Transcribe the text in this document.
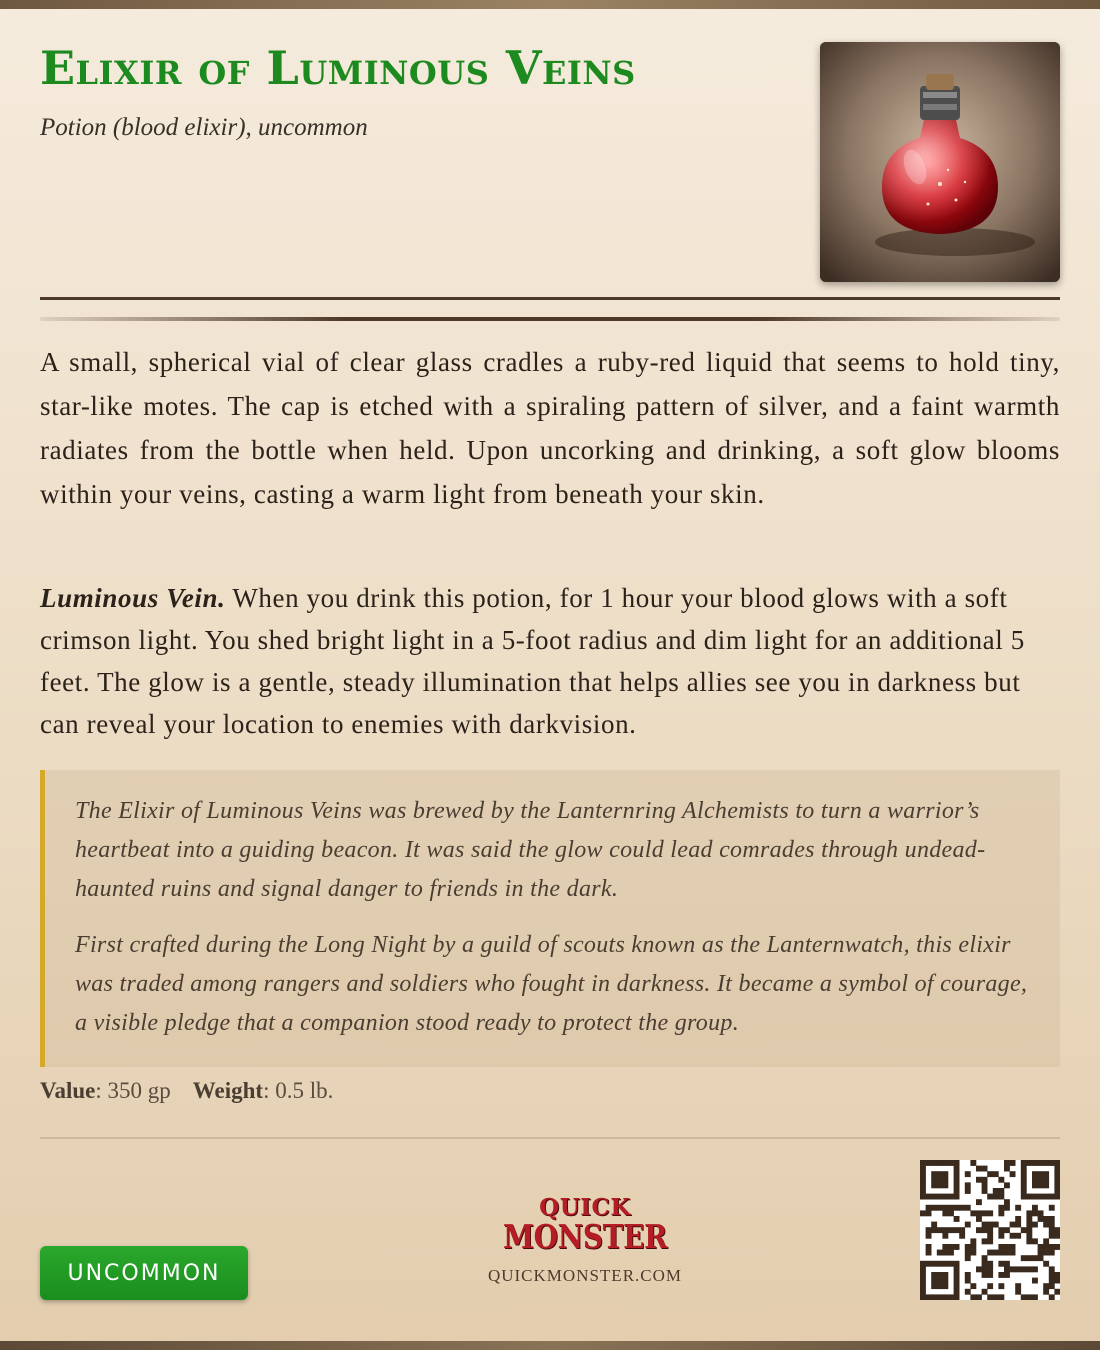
Elixir of Luminous Veins
Potion (blood elixir), uncommon

A small, spherical vial of clear glass cradles a ruby-red liquid that seems to hold tiny, star-like motes. The cap is etched with a spiraling pattern of silver, and a faint warmth radiates from the bottle when held. Upon uncorking and drinking, a soft glow blooms within your veins, casting a warm light from beneath your skin.

Luminous Vein. When you drink this potion, for 1 hour your blood glows with a soft crimson light. You shed bright light in a 5-foot radius and dim light for an additional 5 feet. The glow is a gentle, steady illumination that helps allies see you in darkness but can reveal your location to enemies with darkvision.

The Elixir of Luminous Veins was brewed by the Lanternring Alchemists to turn a warrior’s heartbeat into a guiding beacon. It was said the glow could lead comrades through undead-haunted ruins and signal danger to friends in the dark.

First crafted during the Long Night by a guild of scouts known as the Lanternwatch, this elixir was traded among rangers and soldiers who fought in darkness. It became a symbol of courage, a visible pledge that a companion stood ready to protect the group.

Value: 350 gp Weight: 0.5 lb.
UNCOMMON
QUICK
MONSTER
QUICKMONSTER.COM
